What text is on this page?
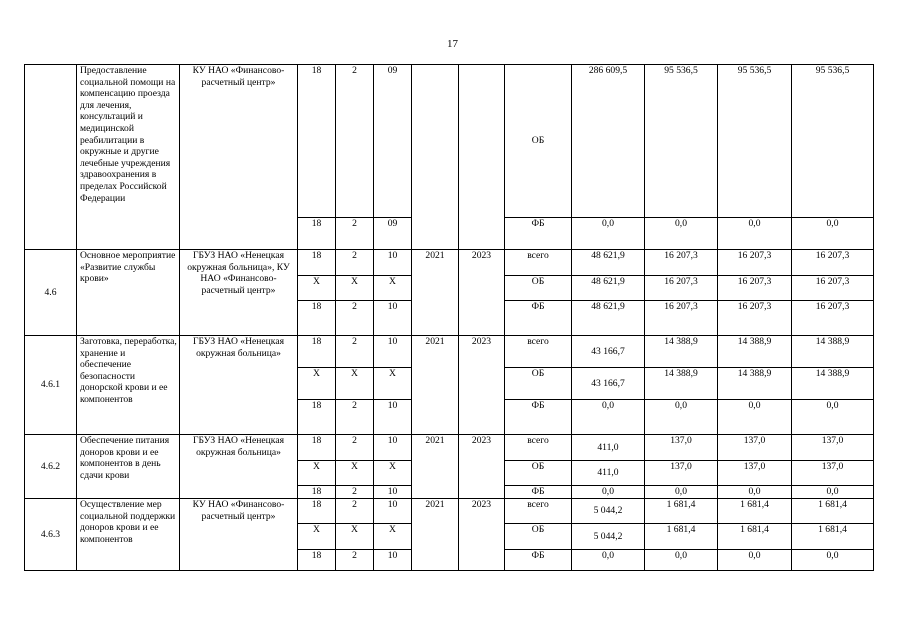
17
	Предоставление социальной помощи на компенсацию проезда для лечения, консультаций и медицинской реабилитации в окружные и другие лечебные учреждения здравоохранения в пределах Российской Федерации	КУ НАО «Финансово-расчетный центр»	18	2	09			ОБ	286 609,5	95 536,5	95 536,5	95 536,5
			18	2	09			ФБ	0,0	0,0	0,0	0,0
4.6	Основное мероприятие «Развитие службы крови»	ГБУЗ НАО «Ненецкая окружная больница», КУ НАО «Финансово-расчетный центр»	18	2	10	2021	2023	всего	48 621,9	16 207,3	16 207,3	16 207,3
			X	X	X			ОБ	48 621,9	16 207,3	16 207,3	16 207,3
			18	2	10			ФБ	48 621,9	16 207,3	16 207,3	16 207,3
4.6.1	Заготовка, переработка, хранение и обеспечение безопасности донорской крови и ее компонентов	ГБУЗ НАО «Ненецкая окружная больница»	18	2	10	2021	2023	всего	43 166,7	14 388,9	14 388,9	14 388,9
			X	X	X			ОБ	43 166,7	14 388,9	14 388,9	14 388,9
			18	2	10			ФБ	0,0	0,0	0,0	0,0
4.6.2	Обеспечение питания доноров крови и ее компонентов в день сдачи крови	ГБУЗ НАО «Ненецкая окружная больница»	18	2	10	2021	2023	всего	411,0	137,0	137,0	137,0
			X	X	X			ОБ	411,0	137,0	137,0	137,0
			18	2	10			ФБ	0,0	0,0	0,0	0,0
4.6.3	Осуществление мер социальной поддержки доноров крови и ее компонентов	КУ НАО «Финансово-расчетный центр»	18	2	10	2021	2023	всего	5 044,2	1 681,4	1 681,4	1 681,4
			X	X	X			ОБ	5 044,2	1 681,4	1 681,4	1 681,4
			18	2	10			ФБ	0,0	0,0	0,0	0,0
